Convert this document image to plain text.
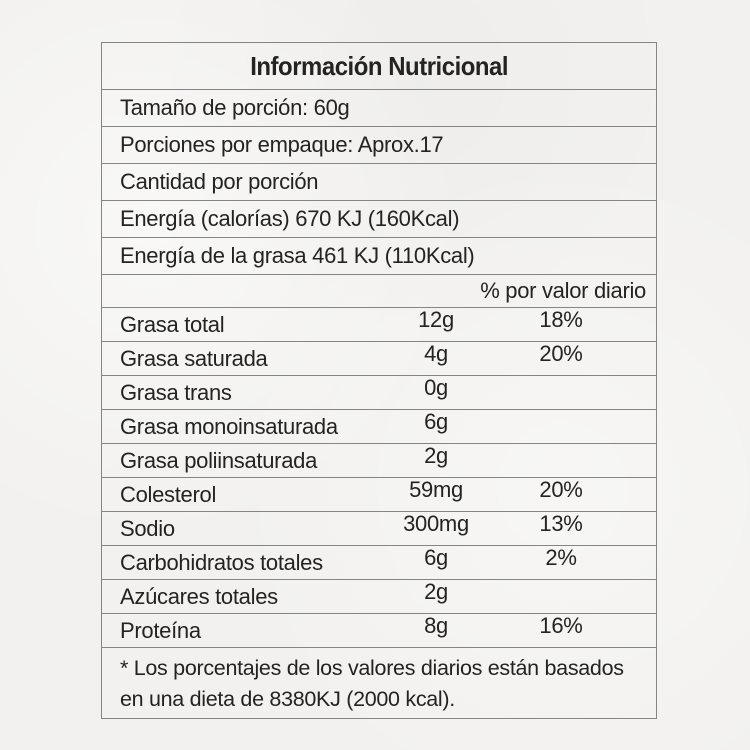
Información Nutricional
Tamaño de porción: 60g
Porciones por empaque: Aprox.17
Cantidad por porción
Energía (calorías) 670 KJ (160Kcal)
Energía de la grasa 461 KJ (110Kcal)
% por valor diario
Grasa total	12g	18%
Grasa saturada	4g	20%
Grasa trans	0g
Grasa monoinsaturada	6g
Grasa poliinsaturada	2g
Colesterol	59mg	20%
Sodio	300mg	13%
Carbohidratos totales	6g	2%
Azúcares totales	2g
Proteína	8g	16%
* Los porcentajes de los valores diarios están basados
en una dieta de 8380KJ (2000 kcal).
